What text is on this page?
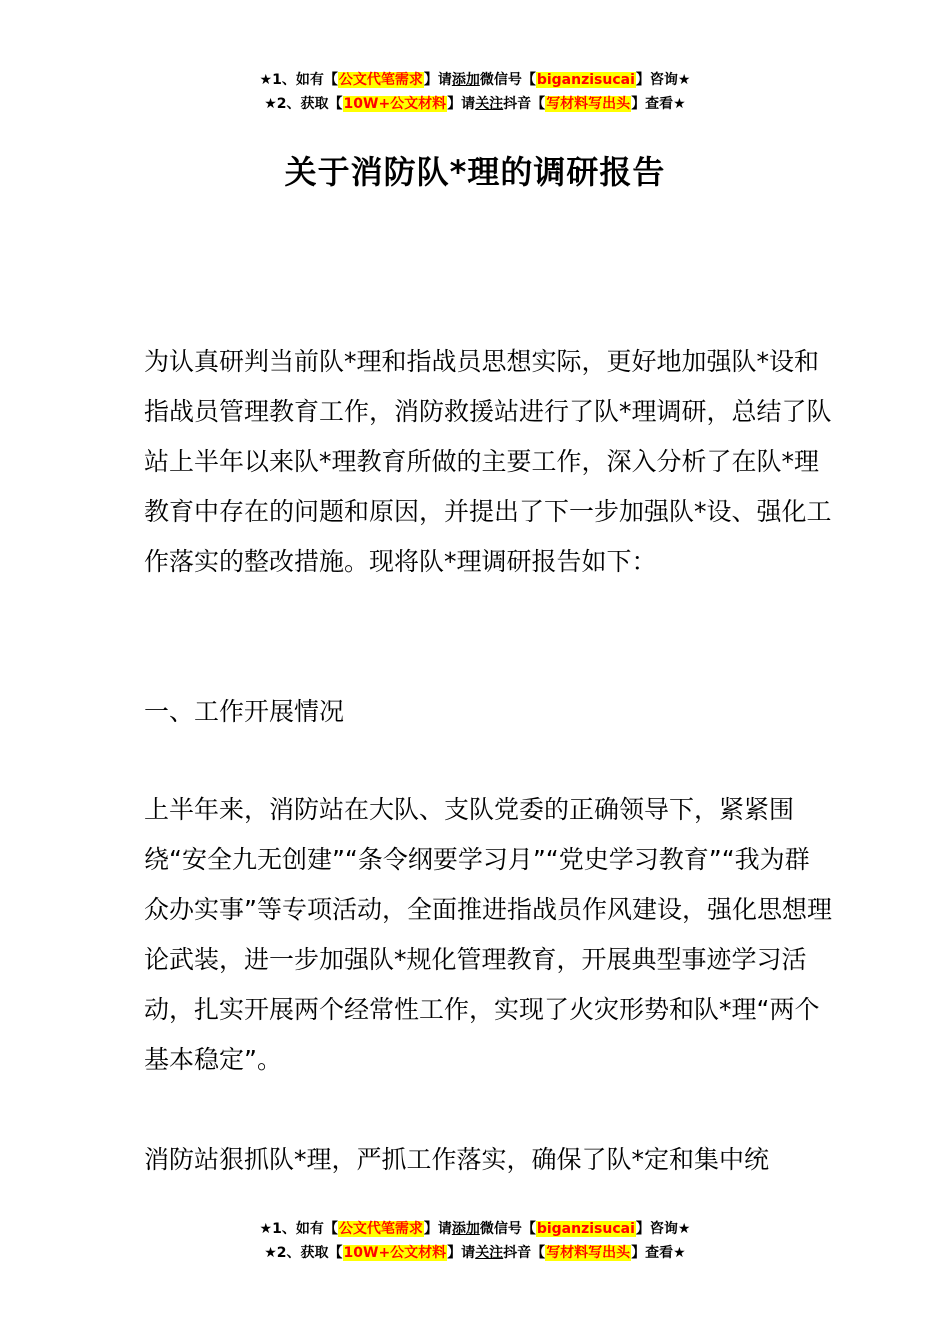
★1、如有【公文代笔需求】请添加微信号【biganzisucai】咨询★
★2、获取【10W+公文材料】请关注抖音【写材料写出头】查看★
关于消防队*理的调研报告

为认真研判当前队*理和指战员思想实际，更好地加强队*设和指战员管理教育工作，消防救援站进行了队*理调研，总结了队站上半年以来队*理教育所做的主要工作，深入分析了在队*理教育中存在的问题和原因，并提出了下一步加强队*设、强化工作落实的整改措施。现将队*理调研报告如下：

一、工作开展情况

上半年来，消防站在大队、支队党委的正确领导下，紧紧围绕“安全九无创建”“条令纲要学习月”“党史学习教育”“我为群众办实事”等专项活动，全面推进指战员作风建设，强化思想理论武装，进一步加强队*规化管理教育，开展典型事迹学习活动，扎实开展两个经常性工作，实现了火灾形势和队*理“两个基本稳定”。

消防站狠抓队*理，严抓工作落实，确保了队*定和集中统

★1、如有【公文代笔需求】请添加微信号【biganzisucai】咨询★
★2、获取【10W+公文材料】请关注抖音【写材料写出头】查看★
